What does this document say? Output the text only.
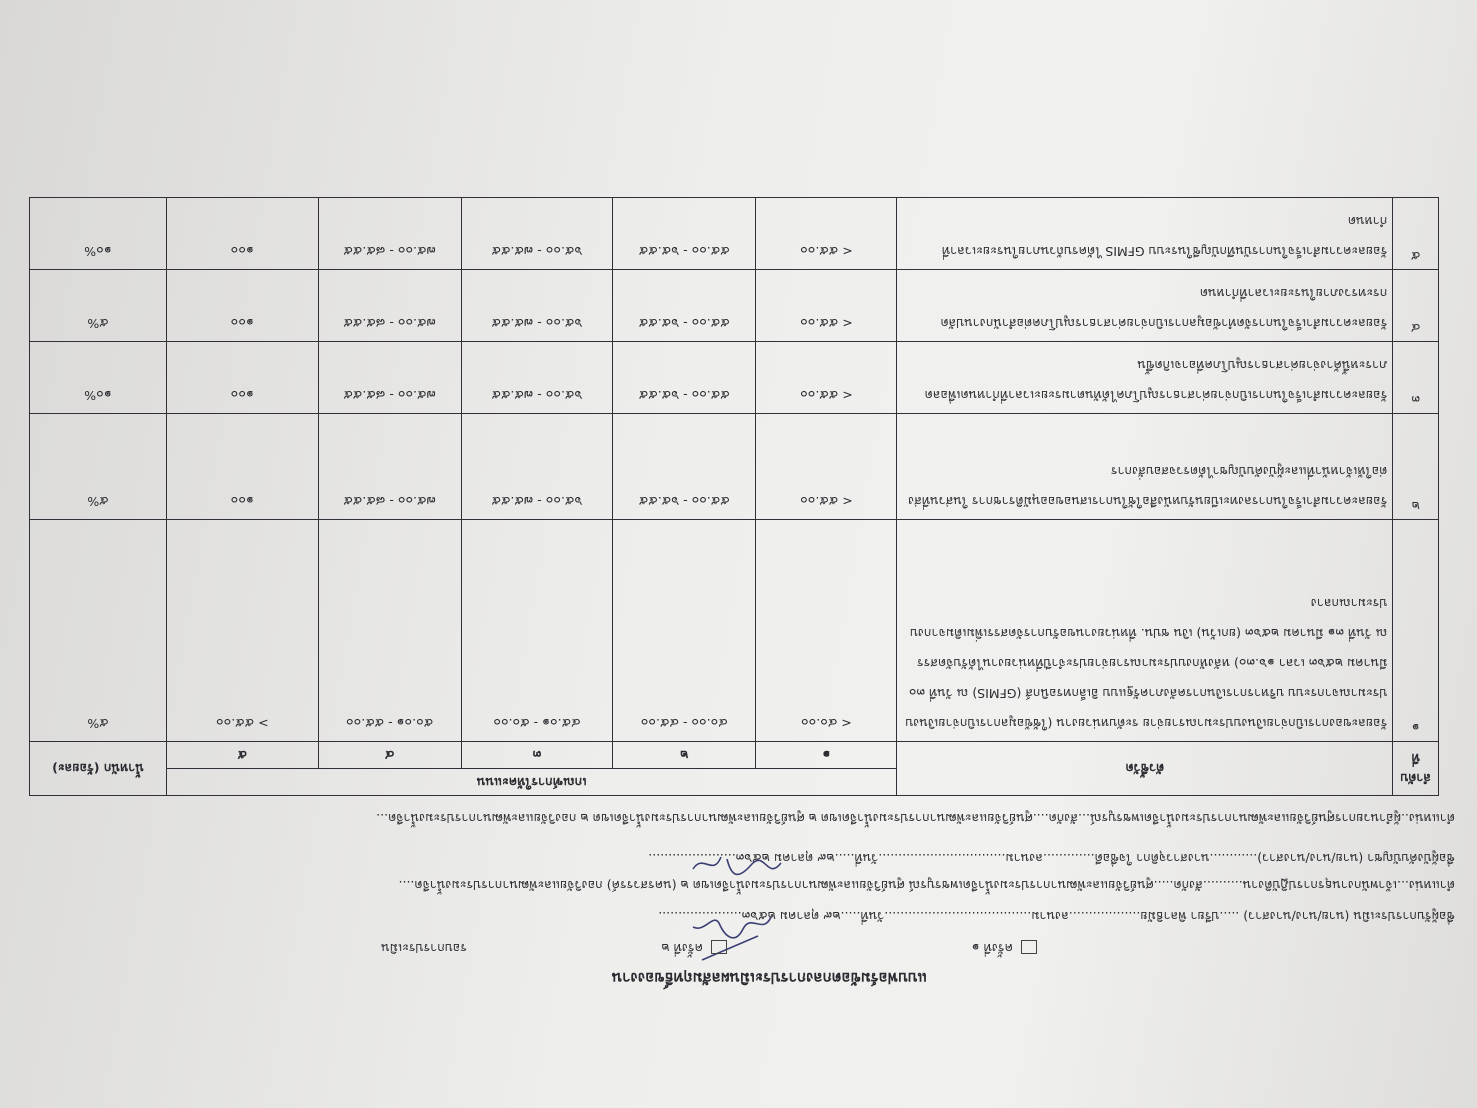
แบบฟอร์มข้อตกลงการประเมินผลสัมฤทธิ์ของงาน
ครั้งที่ ๑
ครั้งที่ ๒
รอบการประเมิน
ชื่อผู้รับการประเมิน (นาย/นาง/นางสาว) .....ปรียา พิลาธิมัย..................ลงนาม.....................................วันที่.....๒๙ ตุลาคม ๒๕๖๓.....................
ตำแหน่ง...เจ้าพนักงานธุรการปฏิบัติงาน..........สังกัด.....ศูนย์วิจัยและพัฒนาการประมงน้ำจืดเพชรบูรณ์ ศูนย์วิจัยและพัฒนาการประมงน้ำจืดเขต ๒ (นครสวรรค์) กองวิจัยและพัฒนาการประมงน้ำจืด....
ชื่อผู้บังคับบัญชา (นาย/นาง/นางสาว)............นางสาวจุติกา ใจซื่อดี.............ลงนาม................................วันที่.....๒๙ ตุลาคม ๒๕๖๓......................
ตำแหน่ง..ผู้อำนวยการศูนย์วิจัยและพัฒนาการประมงน้ำจืดเพชรบูรณ์...สังกัด....ศูนย์วิจัยและพัฒนาการประมงน้ำจืดเขต ๒ ศูนย์วิจัยและพัฒนาการประมงน้ำจืดเขต ๒ กองวิจัยและพัฒนาการประมงน้ำจืด...
ลำดับที่	ตัวชี้วัด	เกณฑ์การให้คะแนน					น้ำหนัก (ร้อยละ)
		๑	๒	๓	๔	๕	
๑	ร้อยละของการเบิกจ่ายเงินงบประมาณรายจ่าย ระดับหน่วยงาน (ใช้ข้อมูลการเบิกจ่ายเงินงบประมาณจากระบบ บริหารการเงินการคลังภาครัฐแบบ อิเล็กทรอนิกส์ (GFMIS) ณ วันที่ ๓๐ มีนาคม ๒๕๖๓ เวลา ๑๖.๓๐) หลังหักงบประมาณรายจ่ายประจำปีที่หน่วยงานได้รับจัดสรร ณ วันที่ ๓๑ มีนาคม ๒๕๖๓ (ยกเว้น) เงิน ชปน. ที่หน่วยงานขอรับการจัดสรรเพิ่มเติมจากงบประมาณกลาง	< ๔๐.๐๐	๔๐.๐๐ - ๔๕.๐๐	๔๕.๐๑ - ๕๐.๐๐	๕๐.๐๑ - ๕๕.๐๐	> ๕๕.๐๐	๕%
๒	ร้อยละความสำเร็จในการลงทะเบียนรับหนังสือใช้ในการเสนอขออนุมัติราชการ ในส่วนที่ส่งต่อให้เจ้าหน้าที่และผู้บังคับบัญชาได้ตรวจสอบสั่งการ	< ๕๕.๐๐	๕๕.๐๐ - ๖๕.๕๕	๖๕.๐๐ - ๗๕.๕๕	๗๕.๐๐ - ๘๕.๕๕	๑๐๐	๕%
๓	ร้อยละความสำเร็จในการเบิกจ่ายค่าสาธารณูปโภคได้ทันตามระยะเวลาที่กำหนดเพื่อลดภาระหนี้ค้างจ่ายค่าสาธารณูปโภคที่อาจเกิดขึ้น	< ๕๕.๐๐	๕๕.๐๐ - ๖๕.๕๕	๖๕.๐๐ - ๗๕.๕๕	๗๕.๐๐ - ๘๕.๕๕	๑๐๐	๑๐%
๔	ร้อยละความสำเร็จในการจัดทำข้อมูลการเบิกจ่ายค่าสาธารณูปโภคต่อสำนักงานปลัดกระทรวงภายในระยะเวลาที่กำหนด	< ๕๕.๐๐	๕๕.๐๐ - ๖๕.๕๕	๖๕.๐๐ - ๗๕.๕๕	๗๕.๐๐ - ๘๕.๕๕	๑๐๐	๕%
๕	ร้อยละความสำเร็จในการบันทึกบัญชีในระบบ GFMIS ได้ครบถ้วนภายในระยะเวลาที่กำหนด	< ๕๕.๐๐	๕๕.๐๐ - ๖๕.๕๕	๖๕.๐๐ - ๗๕.๕๕	๗๕.๐๐ - ๘๕.๕๕	๑๐๐	๑๐%
